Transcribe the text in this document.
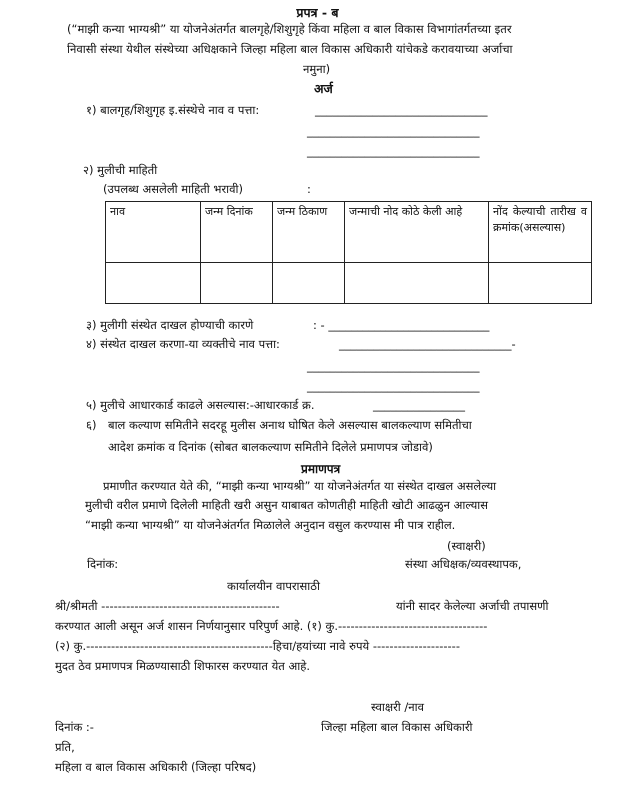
प्रपत्र - ब
(“माझी कन्या भाग्यश्री” या योजनेअंतर्गत बालगृहे/शिशुगृहे किंवा महिला व बाल विकास विभागांतर्गतच्या इतर
निवासी संस्था येथील संस्थेच्या अधिक्षकाने जिल्हा महिला बाल विकास अधिकारी यांचेकडे करावयाच्या अर्जाचा
नमुना)
अर्ज
१) बालगृह/शिशुगृह इ.संस्थेचे नाव व पत्ता:	______________________________
______________________________
______________________________
२) मुलीची माहिती
(उपलब्ध असलेली माहिती भरावी)	:
नाव	जन्म दिनांक	जन्म ठिकाण	जन्माची नोद कोठे केली आहे	नोंद केल्याची तारीख व क्रमांक(असल्यास)

३) मुलीगी संस्थेत दाखल होण्याची कारणे	: - ____________________________
४) संस्थेत दाखल करणा-या व्यक्तीचे नाव पत्ता:	______________________________-
______________________________
______________________________
५) मुलीचे आधारकार्ड काढले असल्यास:-आधारकार्ड क्र.	________________
६) बाल कल्याण समितीने सदरहू मुलीस अनाथ घोषित केले असल्यास बालकल्याण समितीचा
आदेश क्रमांक व दिनांक (सोबत बालकल्याण समितीने दिलेले प्रमाणपत्र जोडावे)
प्रमाणपत्र
प्रमाणीत करण्यात येते की, “माझी कन्या भाग्यश्री” या योजनेअंतर्गत या संस्थेत दाखल असलेल्या
मुलीची वरील प्रमाणे दिलेली माहिती खरी असुन याबाबत कोणतीही माहिती खोटी आढळुन आल्यास
“माझी कन्या भाग्यश्री” या योजनेअंतर्गत मिळालेले अनुदान वसुल करण्यास मी पात्र राहील.
(स्वाक्षरी)
दिनांक:	संस्था अधिक्षक/व्यवस्थापक,
कार्यालयीन वापरासाठी
श्री/श्रीमती -------------------------------------------	यांनी सादर केलेल्या अर्जाची तपासणी
करण्यात आली असून अर्ज शासन निर्णयानुसार परिपुर्ण आहे. (१) कु.------------------------------------
(२) कु.---------------------------------------------हिचा/हयांच्या नावे रुपये ---------------------
मुदत ठेव प्रमाणपत्र मिळण्यासाठी शिफारस करण्यात येत आहे.
स्वाक्षरी /नाव
दिनांक :-	जिल्हा महिला बाल विकास अधिकारी
प्रति,
महिला व बाल विकास अधिकारी (जिल्हा परिषद)
